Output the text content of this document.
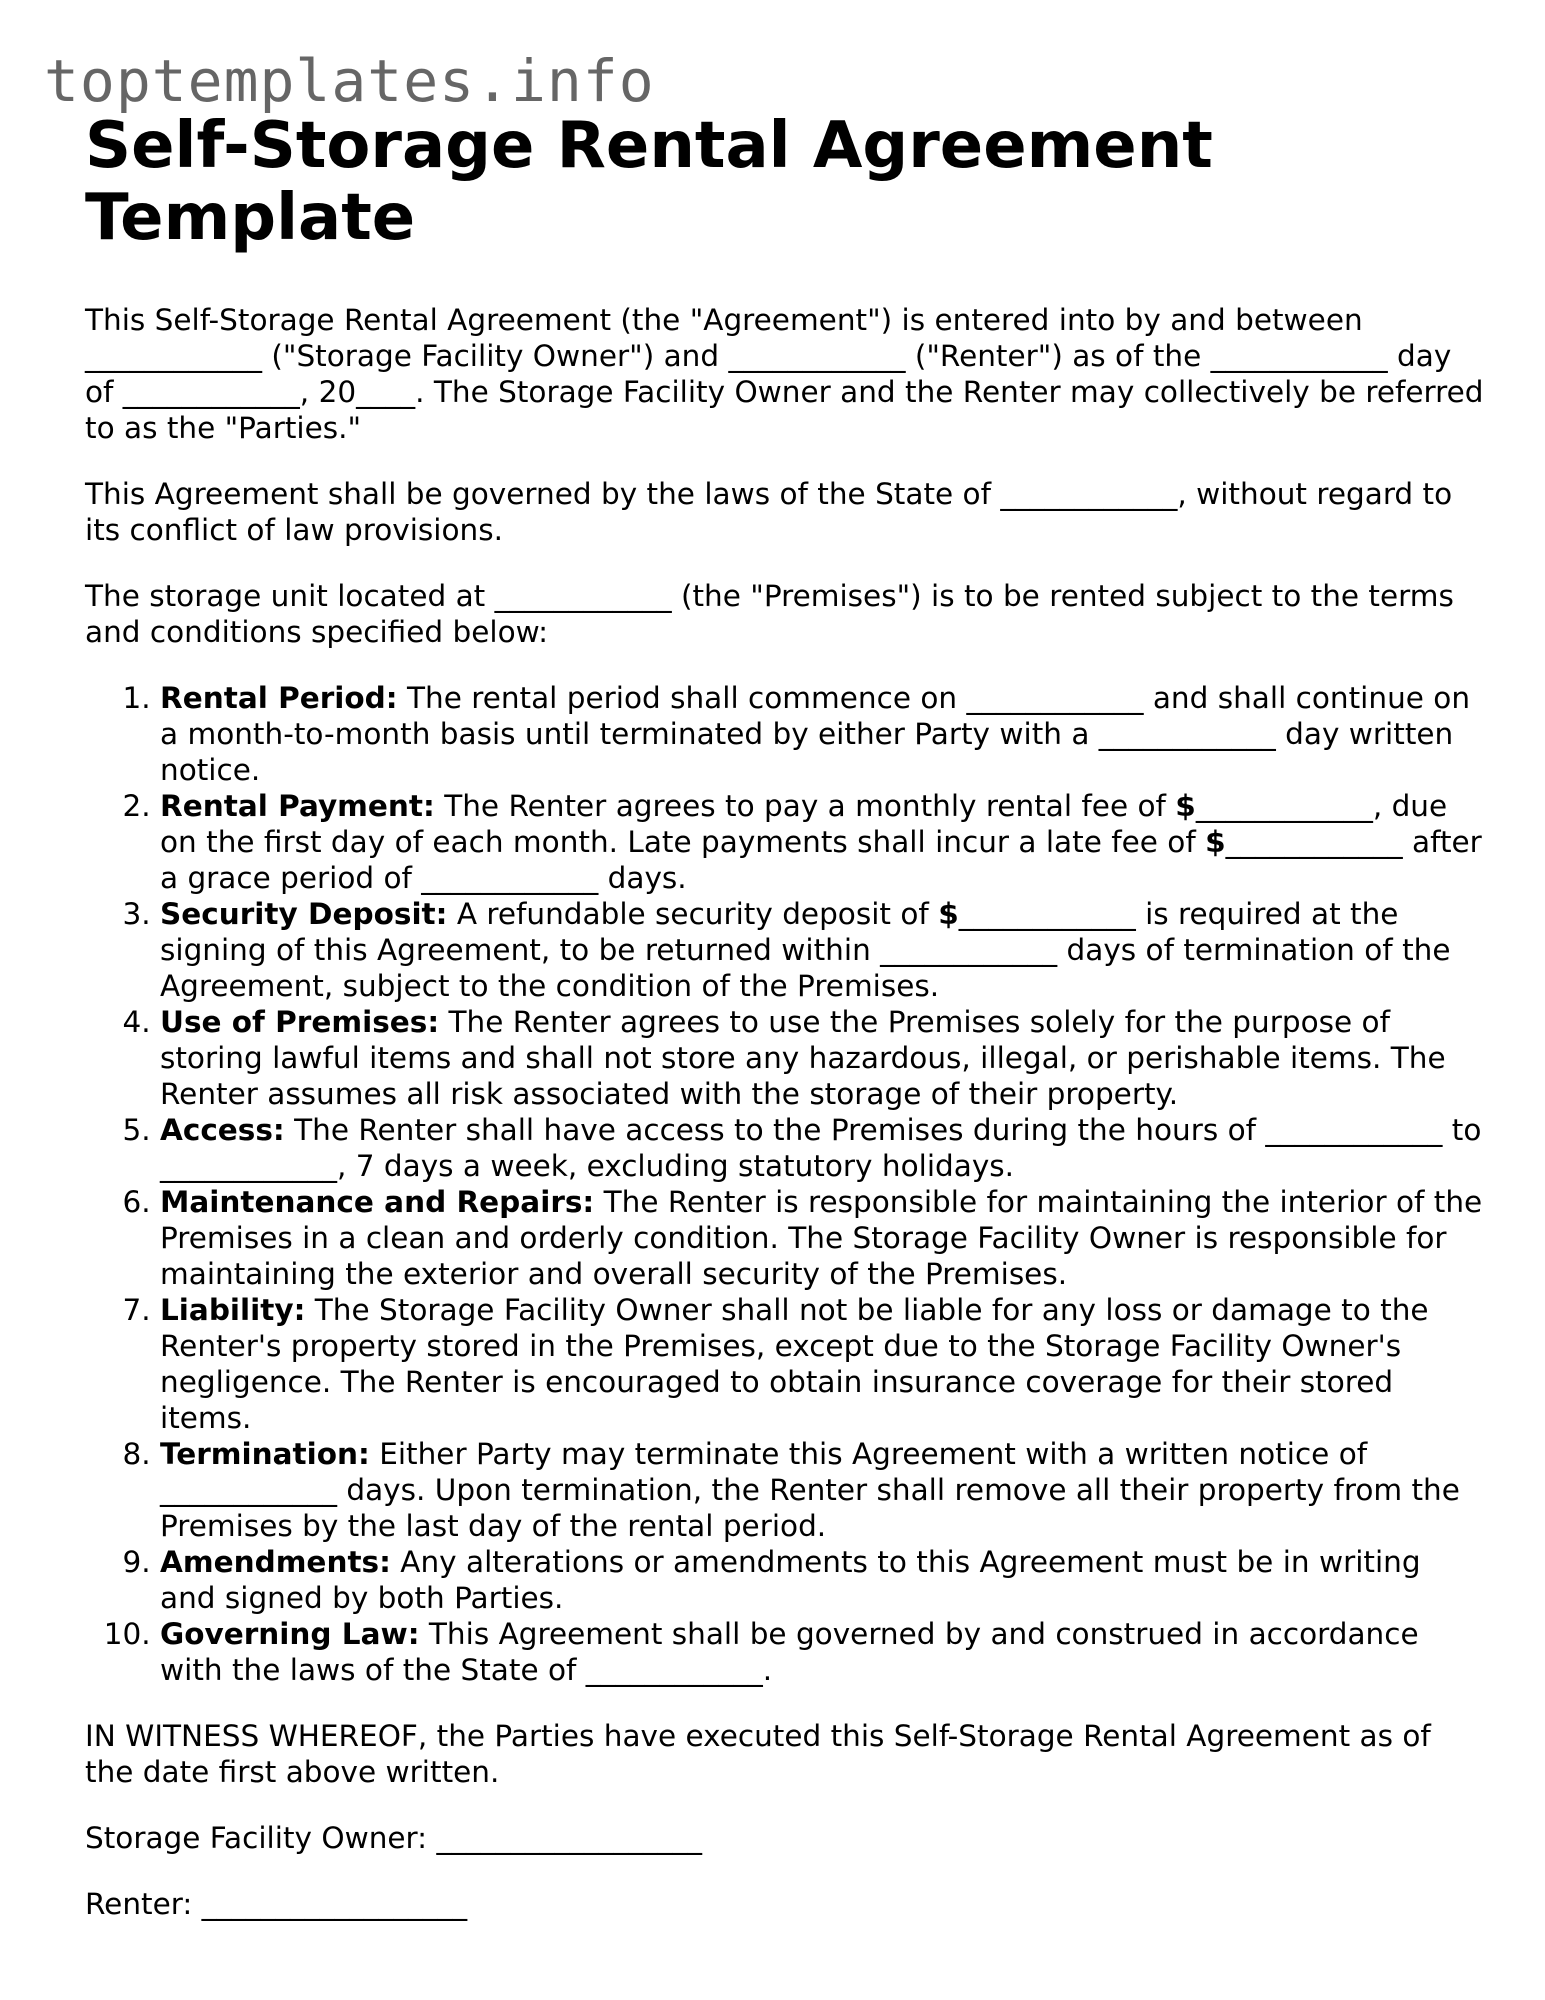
toptemplates.info
Self-Storage Rental Agreement Template

This Self-Storage Rental Agreement (the "Agreement") is entered into by and between ____________ ("Storage Facility Owner") and ____________ ("Renter") as of the ____________ day of ____________, 20____. The Storage Facility Owner and the Renter may collectively be referred to as the "Parties."

This Agreement shall be governed by the laws of the State of ____________, without regard to its conflict of law provisions.

The storage unit located at ____________ (the "Premises") is to be rented subject to the terms and conditions specified below:

1. Rental Period: The rental period shall commence on ____________ and shall continue on a month-to-month basis until terminated by either Party with a ____________ day written notice.
2. Rental Payment: The Renter agrees to pay a monthly rental fee of $____________, due on the first day of each month. Late payments shall incur a late fee of $____________ after a grace period of ____________ days.
3. Security Deposit: A refundable security deposit of $____________ is required at the signing of this Agreement, to be returned within ____________ days of termination of the Agreement, subject to the condition of the Premises.
4. Use of Premises: The Renter agrees to use the Premises solely for the purpose of storing lawful items and shall not store any hazardous, illegal, or perishable items. The Renter assumes all risk associated with the storage of their property.
5. Access: The Renter shall have access to the Premises during the hours of ____________ to ____________, 7 days a week, excluding statutory holidays.
6. Maintenance and Repairs: The Renter is responsible for maintaining the interior of the Premises in a clean and orderly condition. The Storage Facility Owner is responsible for maintaining the exterior and overall security of the Premises.
7. Liability: The Storage Facility Owner shall not be liable for any loss or damage to the Renter's property stored in the Premises, except due to the Storage Facility Owner's negligence. The Renter is encouraged to obtain insurance coverage for their stored items.
8. Termination: Either Party may terminate this Agreement with a written notice of ____________ days. Upon termination, the Renter shall remove all their property from the Premises by the last day of the rental period.
9. Amendments: Any alterations or amendments to this Agreement must be in writing and signed by both Parties.
10. Governing Law: This Agreement shall be governed by and construed in accordance with the laws of the State of ____________.

IN WITNESS WHEREOF, the Parties have executed this Self-Storage Rental Agreement as of the date first above written.

Storage Facility Owner: __________________

Renter: __________________
